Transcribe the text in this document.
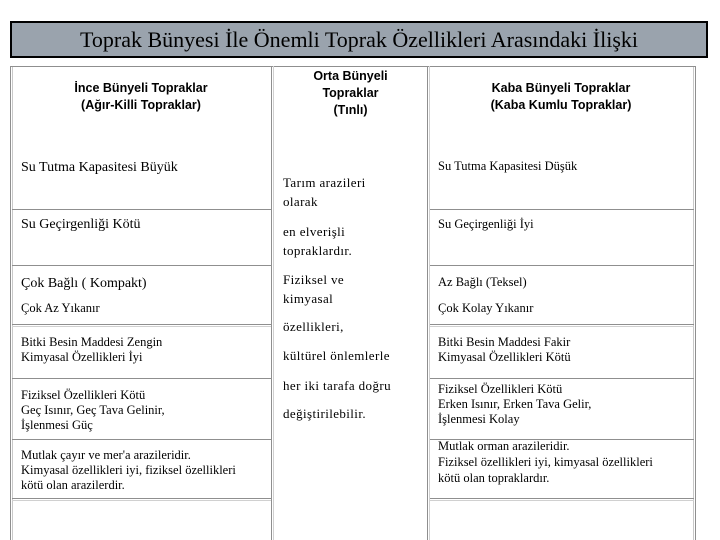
Toprak Bünyesi İle Önemli Toprak Özellikleri Arasındaki İlişki
İnce Bünyeli Topraklar
(Ağır-Killi Topraklar)
Orta Bünyeli
Topraklar
(Tınlı)
Kaba Bünyeli Topraklar
(Kaba Kumlu Topraklar)
Su Tutma Kapasitesi Büyük
Su Geçirgenliği Kötü
Çok Bağlı ( Kompakt)
Çok Az Yıkanır
Bitki Besin Maddesi Zengin
Kimyasal Özellikleri İyi
Fiziksel Özellikleri Kötü
Geç Isınır, Geç Tava Gelinir,
İşlenmesi Güç
Mutlak çayır ve mer'a arazileridir.
Kimyasal özellikleri iyi, fiziksel özellikleri
kötü olan arazilerdir.
Tarım arazileri
olarak
en elverişli
topraklardır.
Fiziksel ve
kimyasal
özellikleri,
kültürel önlemlerle
her iki tarafa doğru
değiştirilebilir.
Su Tutma Kapasitesi Düşük
Su Geçirgenliği İyi
Az Bağlı (Teksel)
Çok Kolay Yıkanır
Bitki Besin Maddesi Fakir
Kimyasal Özellikleri Kötü
Fiziksel Özellikleri Kötü
Erken Isınır, Erken Tava Gelir,
İşlenmesi Kolay
Mutlak orman arazileridir.
Fiziksel özellikleri iyi, kimyasal özellikleri
kötü olan topraklardır.
